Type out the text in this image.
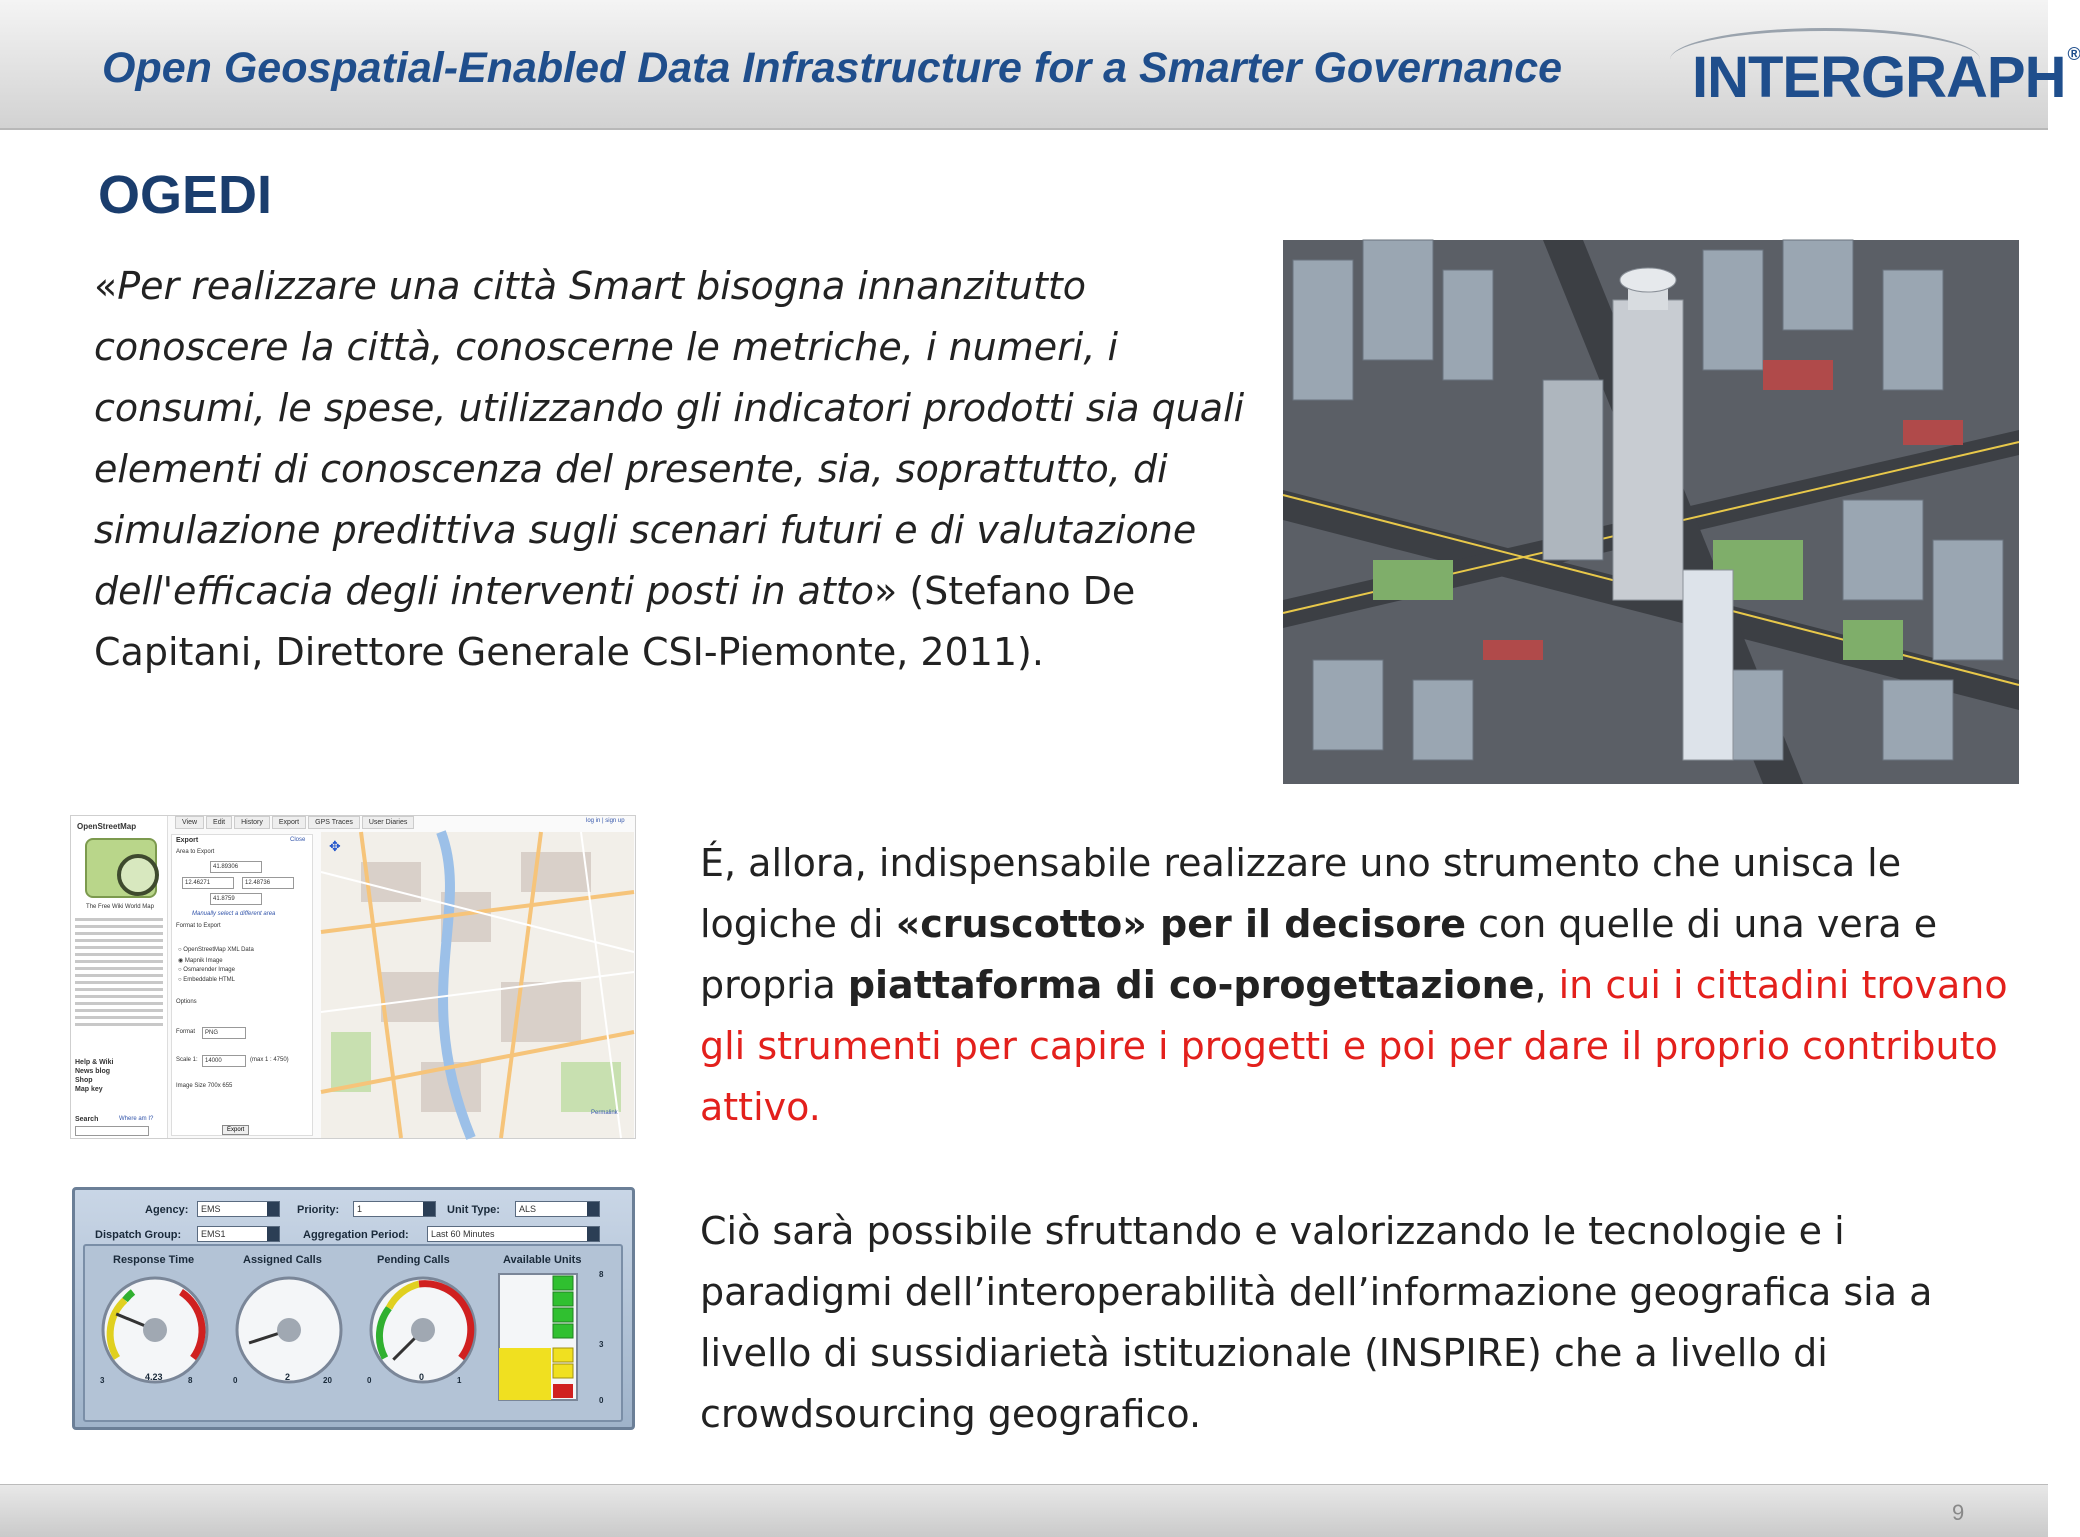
Open Geospatial-Enabled Data Infrastructure for a Smarter Governance INTERGRAPH ®
OGEDI
«Per realizzare una città Smart bisogna innanzitutto conoscere la città, conoscerne le metriche, i numeri, i consumi, le spese, utilizzando gli indicatori prodotti sia quali elementi di conoscenza del presente, sia, soprattutto, di simulazione predittiva sugli scenari futuri e di valutazione dell'efficacia degli interventi posti in atto» (Stefano De Capitani, Direttore Generale CSI-Piemonte, 2011).
OpenStreetMap
The Free Wiki World Map
Help & Wiki
News blog
Shop
Map key
Search	Where am I?
View Edit History Export GPS Traces User Diaries	log in | sign up
Export	Close
Area to Export
41.89306
12.46271	12.48736
41.8759
Manually select a different area
Format to Export
○ OpenStreetMap XML Data
◉ Mapnik Image
○ Osmarender Image
○ Embeddable HTML
Options
Format	PNG
Scale 1:	14000	(max 1 : 4750)
Image Size 700x 655
Export
✥
Permalink
Agency:	EMS	Priority:	1	Unit Type:	ALS
Dispatch Group:	EMS1	Aggregation Period:	Last 60 Minutes
Response Time	Assigned Calls	Pending Calls	Available Units
3	8
4.23	0	20
2	0	1
0
8
3
0
É, allora, indispensabile realizzare uno strumento che unisca le logiche di «cruscotto» per il decisore con quelle di una vera e propria piattaforma di co-progettazione, in cui i cittadini trovano gli strumenti per capire i progetti e poi per dare il proprio contributo attivo.
Ciò sarà possibile sfruttando e valorizzando le tecnologie e i paradigmi dell’interoperabilità dell’informazione geografica sia a livello di sussidiarietà istituzionale (INSPIRE) che a livello di crowdsourcing geografico.
9
